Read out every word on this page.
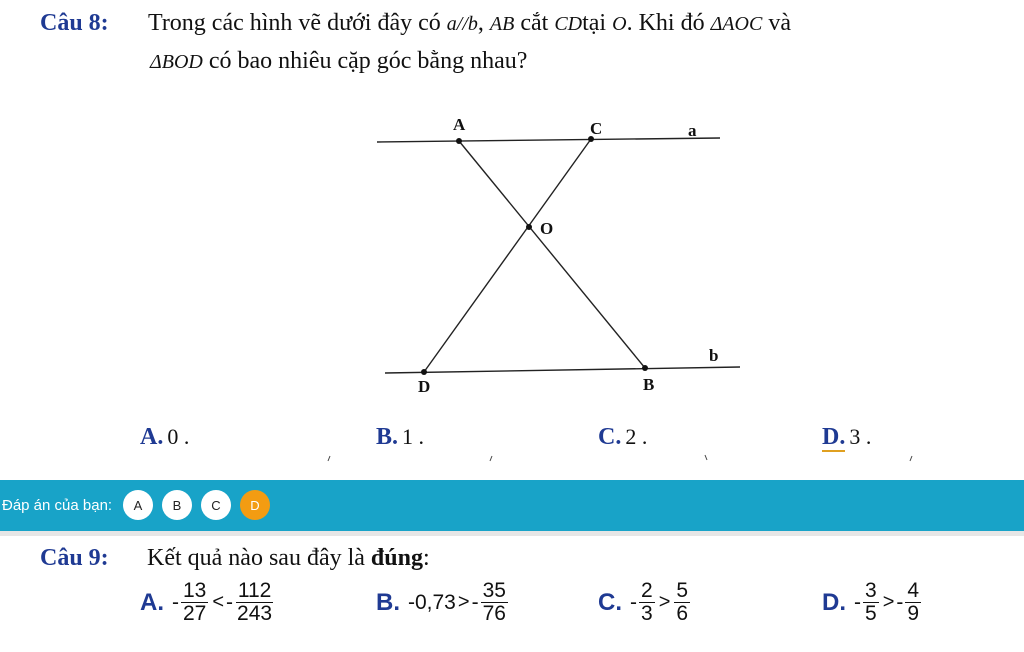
Câu 8: Trong các hình vẽ dưới đây có a//b, AB cắt CDtại O. Khi đó ΔAOC và
ΔBOD có bao nhiêu cặp góc bằng nhau?
A	C	a
O
b
D	B
A. 0 .	B. 1 .	C. 2 .	D. 3 .
Đáp án của bạn:	A	B	C	D
Câu 9: Kết quả nào sau đây là đúng:
A. - $\frac{13}{27}$ < - $\frac{112}{243}$	B. -0,73 > - $\frac{35}{76}$	C. - $\frac{2}{3} > \frac{5}{6}$	D. - $\frac{3}{5}$ > - $\frac{4}{9}$
